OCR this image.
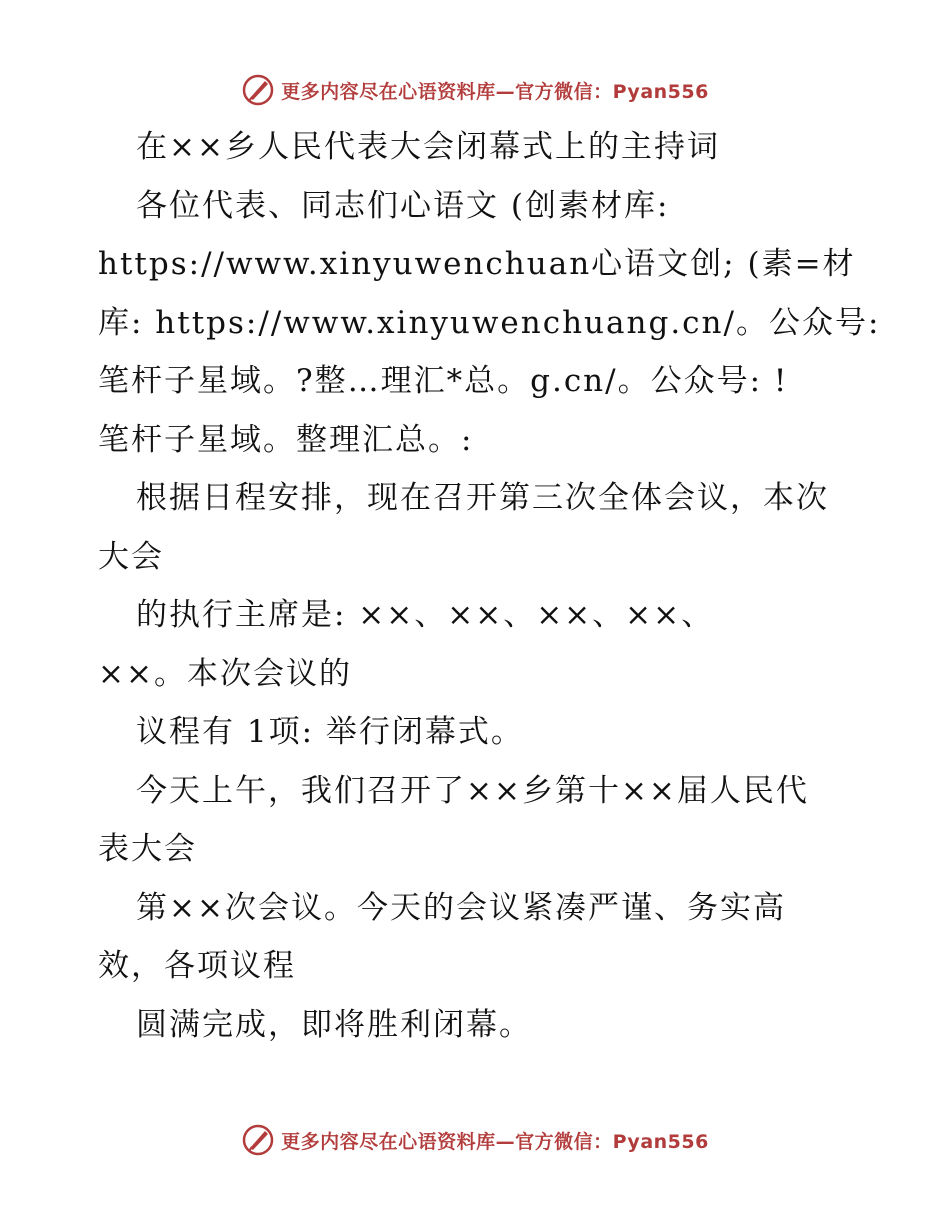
更多内容尽在心语资料库—官方微信：Pyan556
在××乡人民代表大会闭幕式上的主持词
各位代表、同志们心语文 (创素材库:
https://www.xinyuwenchuan心语文创; (素=材
库: https://www.xinyuwenchuang.cn/。公众号:
笔杆子星域。?整…理汇*总。g.cn/。公众号: !
笔杆子星域。整理汇总。:
根据日程安排，现在召开第三次全体会议，本次
大会
的执行主席是: ××、××、××、××、
××。本次会议的
议程有 1项: 举行闭幕式。
今天上午，我们召开了××乡第十××届人民代
表大会
第××次会议。今天的会议紧凑严谨、务实高
效，各项议程
圆满完成，即将胜利闭幕。
更多内容尽在心语资料库—官方微信：Pyan556
